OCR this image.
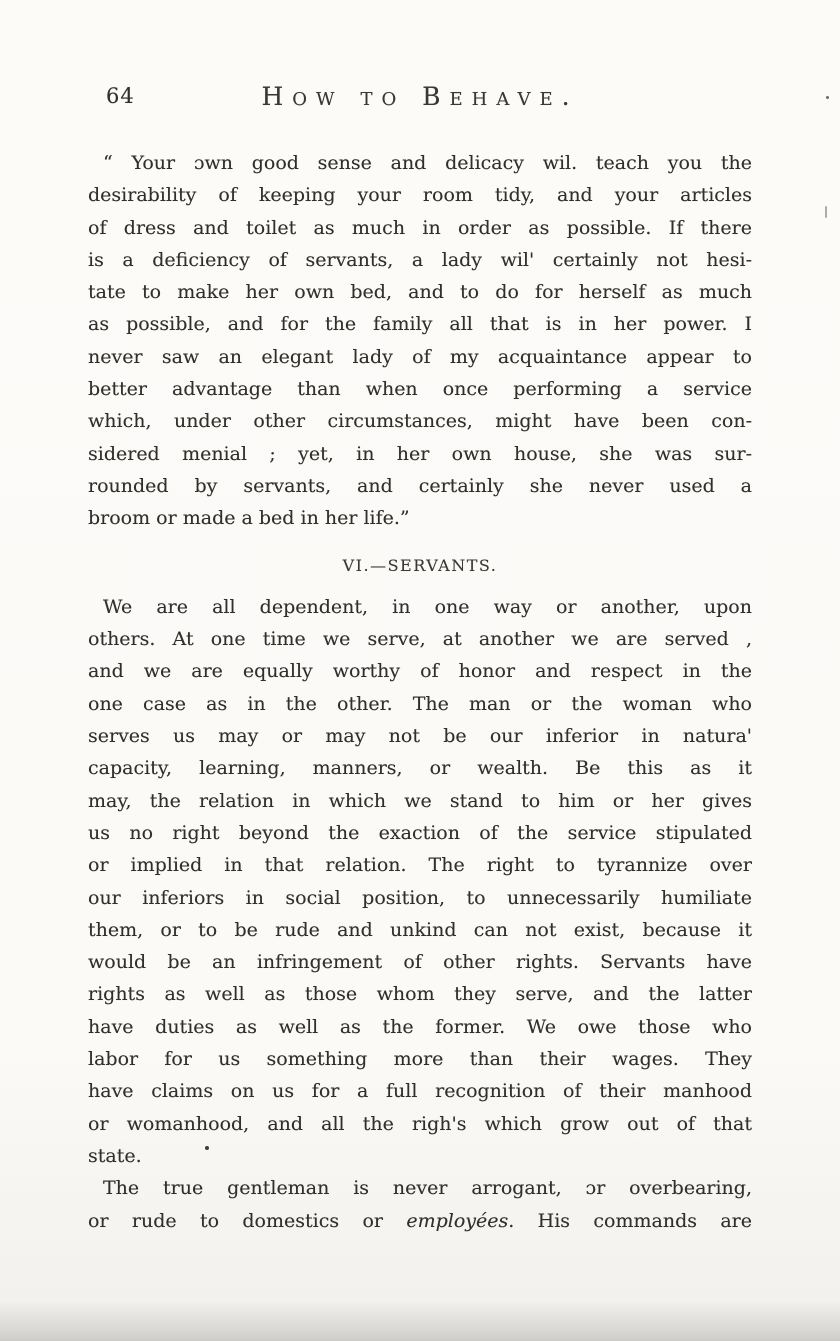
64	How to Behave.
“ Your ɔwn good sense and delicacy wil. teach you the
desirability of keeping your room tidy, and your articles
of dress and toilet as much in order as possible. If there
is a deficiency of servants, a lady wil' certainly not hesi-
tate to make her own bed, and to do for herself as much
as possible, and for the family all that is in her power. I
never saw an elegant lady of my acquaintance appear to
better advantage than when once performing a service
which, under other circumstances, might have been con-
sidered menial ; yet, in her own house, she was sur-
rounded by servants, and certainly she never used a
broom or made a bed in her life.”
VI.—SERVANTS.
We are all dependent, in one way or another, upon
others. At one time we serve, at another we are served ,
and we are equally worthy of honor and respect in the
one case as in the other. The man or the woman who
serves us may or may not be our inferior in natura'
capacity, learning, manners, or wealth. Be this as it
may, the relation in which we stand to him or her gives
us no right beyond the exaction of the service stipulated
or implied in that relation. The right to tyrannize over
our inferiors in social position, to unnecessarily humiliate
them, or to be rude and unkind can not exist, because it
would be an infringement of other rights. Servants have
rights as well as those whom they serve, and the latter
have duties as well as the former. We owe those who
labor for us something more than their wages. They
have claims on us for a full recognition of their manhood
or womanhood, and all the righ's which grow out of that
state.
The true gentleman is never arrogant, ɔr overbearing,
or rude to domestics or employées. His commands are
